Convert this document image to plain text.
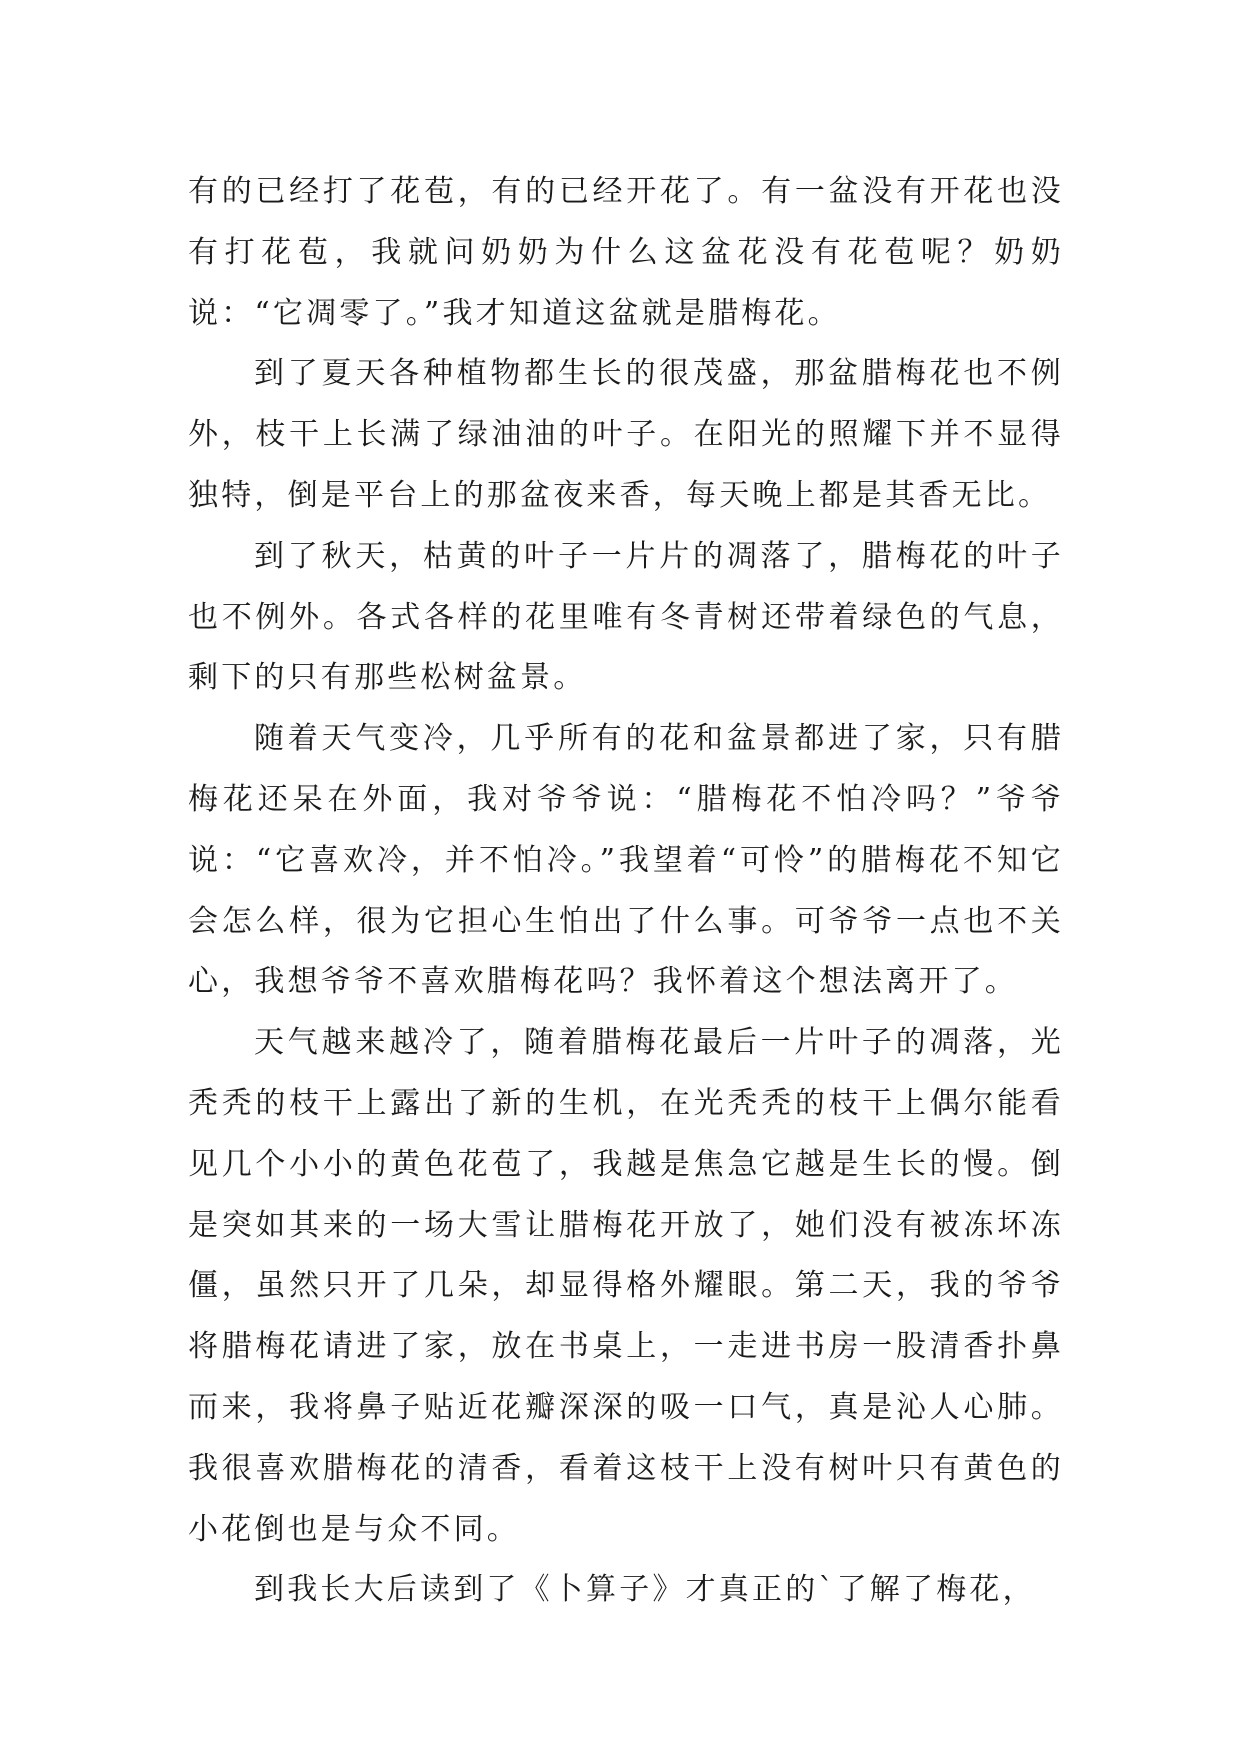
有的已经打了花苞，有的已经开花了。有一盆没有开花也没有打花苞，我就问奶奶为什么这盆花没有花苞呢？奶奶说：“它凋零了。”我才知道这盆就是腊梅花。

到了夏天各种植物都生长的很茂盛，那盆腊梅花也不例外，枝干上长满了绿油油的叶子。在阳光的照耀下并不显得独特，倒是平台上的那盆夜来香，每天晚上都是其香无比。

到了秋天，枯黄的叶子一片片的凋落了，腊梅花的叶子也不例外。各式各样的花里唯有冬青树还带着绿色的气息，剩下的只有那些松树盆景。

随着天气变冷，几乎所有的花和盆景都进了家，只有腊梅花还呆在外面，我对爷爷说：“腊梅花不怕冷吗？”爷爷说：“它喜欢冷，并不怕冷。”我望着“可怜”的腊梅花不知它会怎么样，很为它担心生怕出了什么事。可爷爷一点也不关心，我想爷爷不喜欢腊梅花吗？我怀着这个想法离开了。

天气越来越冷了，随着腊梅花最后一片叶子的凋落，光秃秃的枝干上露出了新的生机，在光秃秃的枝干上偶尔能看见几个小小的黄色花苞了，我越是焦急它越是生长的慢。倒是突如其来的一场大雪让腊梅花开放了，她们没有被冻坏冻僵，虽然只开了几朵，却显得格外耀眼。第二天，我的爷爷将腊梅花请进了家，放在书桌上，一走进书房一股清香扑鼻而来，我将鼻子贴近花瓣深深的吸一口气，真是沁人心肺。我很喜欢腊梅花的清香，看着这枝干上没有树叶只有黄色的小花倒也是与众不同。

到我长大后读到了《卜算子》才真正的`了解了梅花，
